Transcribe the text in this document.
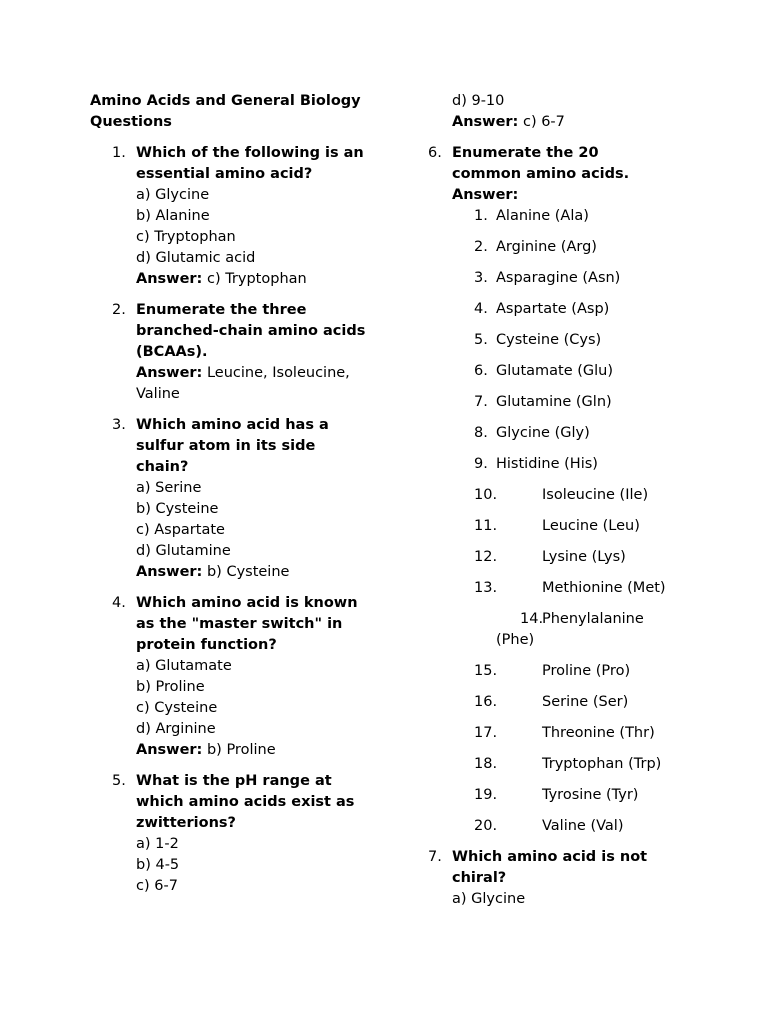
Amino Acids and General Biology Questions
1. Which of the following is an essential amino acid?
a) Glycine
b) Alanine
c) Tryptophan
d) Glutamic acid
Answer: c) Tryptophan
2. Enumerate the three branched-chain amino acids (BCAAs).
Answer: Leucine, Isoleucine, Valine
3. Which amino acid has a sulfur atom in its side chain?
a) Serine
b) Cysteine
c) Aspartate
d) Glutamine
Answer: b) Cysteine
4. Which amino acid is known as the "master switch" in protein function?
a) Glutamate
b) Proline
c) Cysteine
d) Arginine
Answer: b) Proline
5. What is the pH range at which amino acids exist as zwitterions?
a) 1-2
b) 4-5
c) 6-7
d) 9-10
Answer: c) 6-7
6. Enumerate the 20 common amino acids.
Answer:
1. Alanine (Ala)
2. Arginine (Arg)
3. Asparagine (Asn)
4. Aspartate (Asp)
5. Cysteine (Cys)
6. Glutamate (Glu)
7. Glutamine (Gln)
8. Glycine (Gly)
9. Histidine (His)
10.	Isoleucine (Ile)
11.	Leucine (Leu)
12.	Lysine (Lys)
13.	Methionine (Met)
14.
Phenylalanine (Phe)
15.	Proline (Pro)
16.	Serine (Ser)
17.	Threonine (Thr)
18.	Tryptophan (Trp)
19.	Tyrosine (Tyr)
20.	Valine (Val)
7. Which amino acid is not chiral?
a) Glycine
